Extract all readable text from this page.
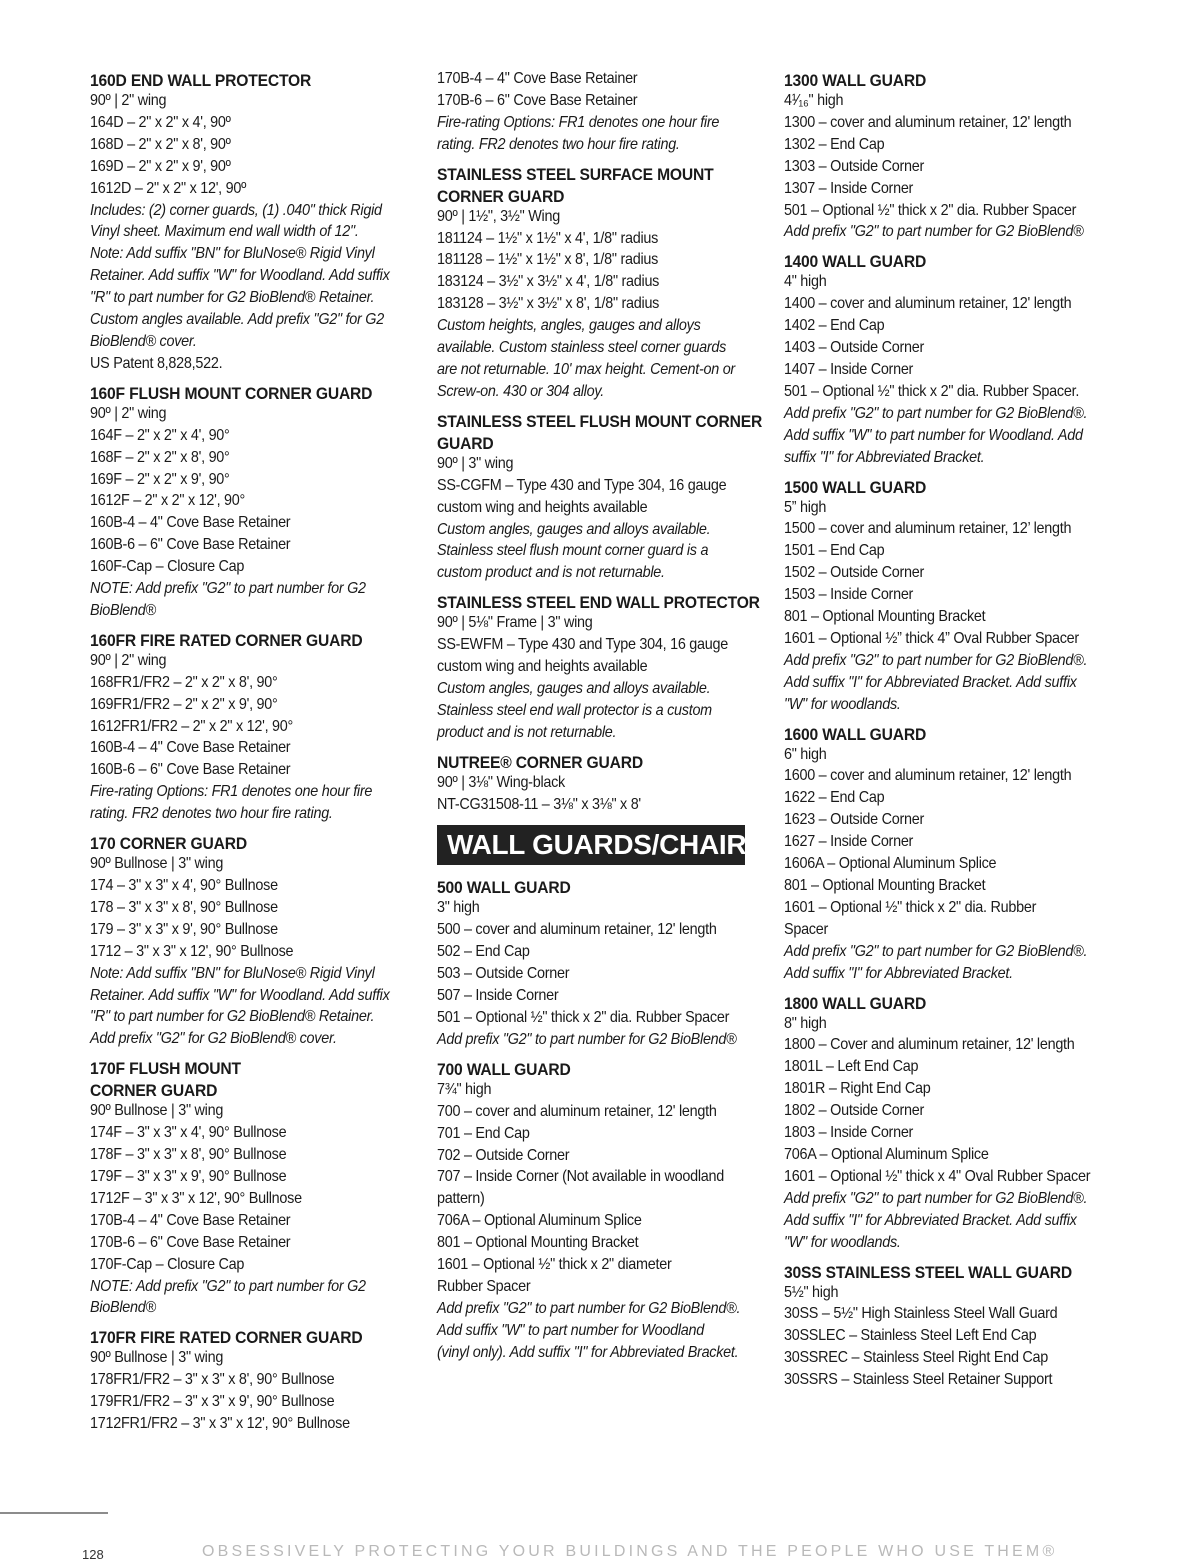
160D END WALL PROTECTOR
90º | 2" wing
164D – 2" x 2" x 4', 90º
168D – 2" x 2" x 8', 90º
169D – 2" x 2" x 9', 90º
1612D – 2" x 2" x 12', 90º
Includes: (2) corner guards, (1) .040" thick Rigid
Vinyl sheet. Maximum end wall width of 12".
Note: Add suffix "BN" for BluNose® Rigid Vinyl
Retainer. Add suffix "W" for Woodland. Add suffix
"R" to part number for G2 BioBlend® Retainer.
Custom angles available. Add prefix "G2" for G2
BioBlend® cover.
US Patent 8,828,522.
160F FLUSH MOUNT CORNER GUARD
90º | 2" wing
164F – 2" x 2" x 4', 90°
168F – 2" x 2" x 8', 90°
169F – 2" x 2" x 9', 90°
1612F – 2" x 2" x 12', 90°
160B-4 – 4" Cove Base Retainer
160B-6 – 6" Cove Base Retainer
160F-Cap – Closure Cap
NOTE: Add prefix "G2" to part number for G2
BioBlend®
160FR FIRE RATED CORNER GUARD
90º | 2" wing
168FR1/FR2 – 2" x 2" x 8', 90°
169FR1/FR2 – 2" x 2" x 9', 90°
1612FR1/FR2 – 2" x 2" x 12', 90°
160B-4 – 4" Cove Base Retainer
160B-6 – 6" Cove Base Retainer
Fire-rating Options: FR1 denotes one hour fire
rating. FR2 denotes two hour fire rating.
170 CORNER GUARD
90º Bullnose | 3" wing
174 – 3" x 3" x 4', 90° Bullnose
178 – 3" x 3" x 8', 90° Bullnose
179 – 3" x 3" x 9', 90° Bullnose
1712 – 3" x 3" x 12', 90° Bullnose
Note: Add suffix "BN" for BluNose® Rigid Vinyl
Retainer. Add suffix "W" for Woodland. Add suffix
"R" to part number for G2 BioBlend® Retainer.
Add prefix "G2" for G2 BioBlend® cover.
170F FLUSH MOUNT
CORNER GUARD
90º Bullnose | 3" wing
174F – 3" x 3" x 4', 90° Bullnose
178F – 3" x 3" x 8', 90° Bullnose
179F – 3" x 3" x 9', 90° Bullnose
1712F – 3" x 3" x 12', 90° Bullnose
170B-4 – 4" Cove Base Retainer
170B-6 – 6" Cove Base Retainer
170F-Cap – Closure Cap
NOTE: Add prefix "G2" to part number for G2
BioBlend®
170FR FIRE RATED CORNER GUARD
90º Bullnose | 3" wing
178FR1/FR2 – 3" x 3" x 8', 90° Bullnose
179FR1/FR2 – 3" x 3" x 9', 90° Bullnose
1712FR1/FR2 – 3" x 3" x 12', 90° Bullnose
170B-4 – 4" Cove Base Retainer
170B-6 – 6" Cove Base Retainer
Fire-rating Options: FR1 denotes one hour fire
rating. FR2 denotes two hour fire rating.
STAINLESS STEEL SURFACE MOUNT
CORNER GUARD
90º | 1½", 3½" Wing
181124 – 1½" x 1½" x 4', 1/8" radius
181128 – 1½" x 1½" x 8', 1/8" radius
183124 – 3½" x 3½" x 4', 1/8" radius
183128 – 3½" x 3½" x 8', 1/8" radius
Custom heights, angles, gauges and alloys
available. Custom stainless steel corner guards
are not returnable. 10' max height. Cement-on or
Screw-on. 430 or 304 alloy.
STAINLESS STEEL FLUSH MOUNT CORNER
GUARD
90º | 3" wing
SS-CGFM – Type 430 and Type 304, 16 gauge
custom wing and heights available
Custom angles, gauges and alloys available.
Stainless steel flush mount corner guard is a
custom product and is not returnable.
STAINLESS STEEL END WALL PROTECTOR
90º | 5⅛" Frame | 3" wing
SS-EWFM – Type 430 and Type 304, 16 gauge
custom wing and heights available
Custom angles, gauges and alloys available.
Stainless steel end wall protector is a custom
product and is not returnable.
NUTREE® CORNER GUARD
90º | 3⅛" Wing-black
NT-CG31508-11 – 3⅛" x 3⅛" x 8'
WALL GUARDS/CHAIR RAIL
500 WALL GUARD
3" high
500 – cover and aluminum retainer, 12' length
502 – End Cap
503 – Outside Corner
507 – Inside Corner
501 – Optional ½" thick x 2" dia. Rubber Spacer
Add prefix "G2" to part number for G2 BioBlend®
700 WALL GUARD
7¾" high
700 – cover and aluminum retainer, 12' length
701 – End Cap
702 – Outside Corner
707 – Inside Corner (Not available in woodland
pattern)
706A – Optional Aluminum Splice
801 – Optional Mounting Bracket
1601 – Optional ½" thick x 2" diameter
Rubber Spacer
Add prefix "G2" to part number for G2 BioBlend®.
Add suffix "W" to part number for Woodland
(vinyl only). Add suffix "I" for Abbreviated Bracket.
1300 WALL GUARD
4¹⁄₁₆" high
1300 – cover and aluminum retainer, 12' length
1302 – End Cap
1303 – Outside Corner
1307 – Inside Corner
501 – Optional ½" thick x 2" dia. Rubber Spacer
Add prefix "G2" to part number for G2 BioBlend®
1400 WALL GUARD
4" high
1400 – cover and aluminum retainer, 12' length
1402 – End Cap
1403 – Outside Corner
1407 – Inside Corner
501 – Optional ½" thick x 2" dia. Rubber Spacer.
Add prefix "G2" to part number for G2 BioBlend®.
Add suffix "W" to part number for Woodland. Add
suffix "I" for Abbreviated Bracket.
1500 WALL GUARD
5” high
1500 – cover and aluminum retainer, 12’ length
1501 – End Cap
1502 – Outside Corner
1503 – Inside Corner
801 – Optional Mounting Bracket
1601 – Optional ½” thick 4” Oval Rubber Spacer
Add prefix "G2" to part number for G2 BioBlend®.
Add suffix "I" for Abbreviated Bracket. Add suffix
"W" for woodlands.
1600 WALL GUARD
6" high
1600 – cover and aluminum retainer, 12' length
1622 – End Cap
1623 – Outside Corner
1627 – Inside Corner
1606A – Optional Aluminum Splice
801 – Optional Mounting Bracket
1601 – Optional ½" thick x 2" dia. Rubber
Spacer
Add prefix "G2" to part number for G2 BioBlend®.
Add suffix "I" for Abbreviated Bracket.
1800 WALL GUARD
8" high
1800 – Cover and aluminum retainer, 12' length
1801L – Left End Cap
1801R – Right End Cap
1802 – Outside Corner
1803 – Inside Corner
706A – Optional Aluminum Splice
1601 – Optional ½" thick x 4" Oval Rubber Spacer
Add prefix "G2" to part number for G2 BioBlend®.
Add suffix "I" for Abbreviated Bracket. Add suffix
"W" for woodlands.
30SS STAINLESS STEEL WALL GUARD
5½" high
30SS – 5½" High Stainless Steel Wall Guard
30SSLEC – Stainless Steel Left End Cap
30SSREC – Stainless Steel Right End Cap
30SSRS – Stainless Steel Retainer Support
128	OBSESSIVELY PROTECTING YOUR BUILDINGS AND THE PEOPLE WHO USE THEM®
